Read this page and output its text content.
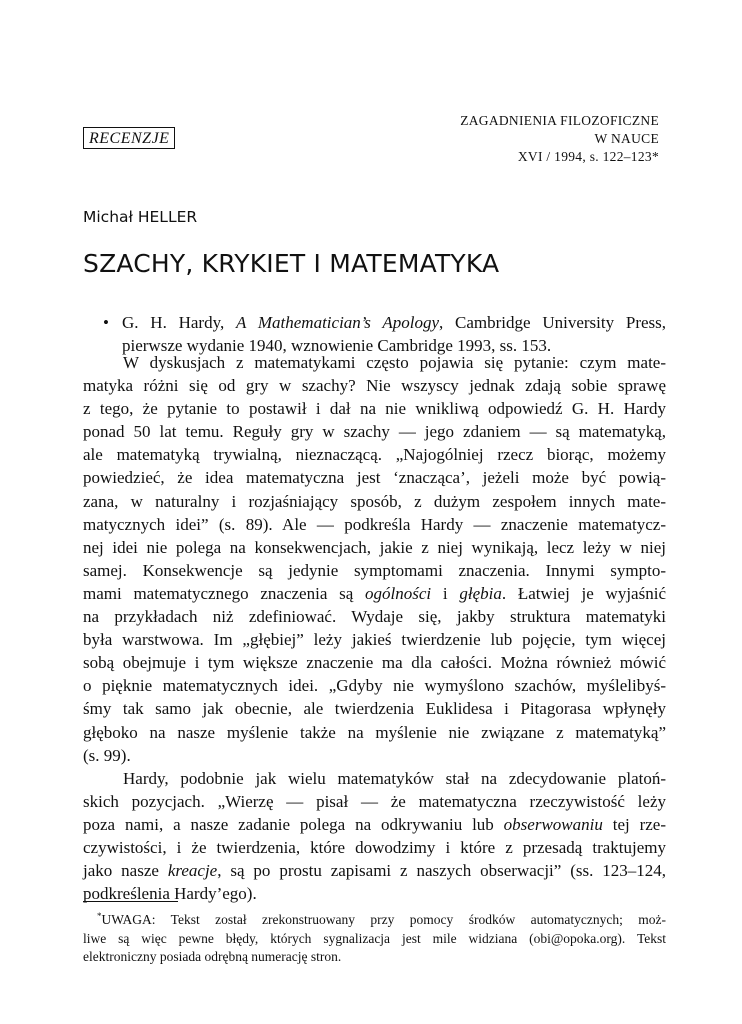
RECENZJE
ZAGADNIENIA FILOZOFICZNE
W NAUCE
XVI / 1994, s. 122–123*
Michał HELLER
SZACHY, KRYKIET I MATEMATYKA
• G. H. Hardy, A Mathematician’s Apology, Cambridge University Press,
pierwsze wydanie 1940, wznowienie Cambridge 1993, ss. 153.
W dyskusjach z matematykami często pojawia się pytanie: czym mate-
matyka różni się od gry w szachy? Nie wszyscy jednak zdają sobie sprawę
z tego, że pytanie to postawił i dał na nie wnikliwą odpowiedź G. H. Hardy
ponad 50 lat temu. Reguły gry w szachy — jego zdaniem — są matematyką,
ale matematyką trywialną, nieznaczącą. „Najogólniej rzecz biorąc, możemy
powiedzieć, że idea matematyczna jest ‘znacząca’, jeżeli może być powią-
zana, w naturalny i rozjaśniający sposób, z dużym zespołem innych mate-
matycznych idei” (s. 89). Ale — podkreśla Hardy — znaczenie matematycz-
nej idei nie polega na konsekwencjach, jakie z niej wynikają, lecz leży w niej
samej. Konsekwencje są jedynie symptomami znaczenia. Innymi sympto-
mami matematycznego znaczenia są ogólności i głębia. Łatwiej je wyjaśnić
na przykładach niż zdefiniować. Wydaje się, jakby struktura matematyki
była warstwowa. Im „głębiej” leży jakieś twierdzenie lub pojęcie, tym więcej
sobą obejmuje i tym większe znaczenie ma dla całości. Można również mówić
o pięknie matematycznych idei. „Gdyby nie wymyślono szachów, myślelibyś-
śmy tak samo jak obecnie, ale twierdzenia Euklidesa i Pitagorasa wpłynęły
głęboko na nasze myślenie także na myślenie nie związane z matematyką”
(s. 99).
Hardy, podobnie jak wielu matematyków stał na zdecydowanie platoń-
skich pozycjach. „Wierzę — pisał — że matematyczna rzeczywistość leży
poza nami, a nasze zadanie polega na odkrywaniu lub obserwowaniu tej rze-
czywistości, i że twierdzenia, które dowodzimy i które z przesadą traktujemy
jako nasze kreacje, są po prostu zapisami z naszych obserwacji” (ss. 123–124,
podkreślenia Hardy’ego).
*UWAGA: Tekst został zrekonstruowany przy pomocy środków automatycznych; moż-
liwe są więc pewne błędy, których sygnalizacja jest mile widziana (obi@opoka.org). Tekst
elektroniczny posiada odrębną numerację stron.
